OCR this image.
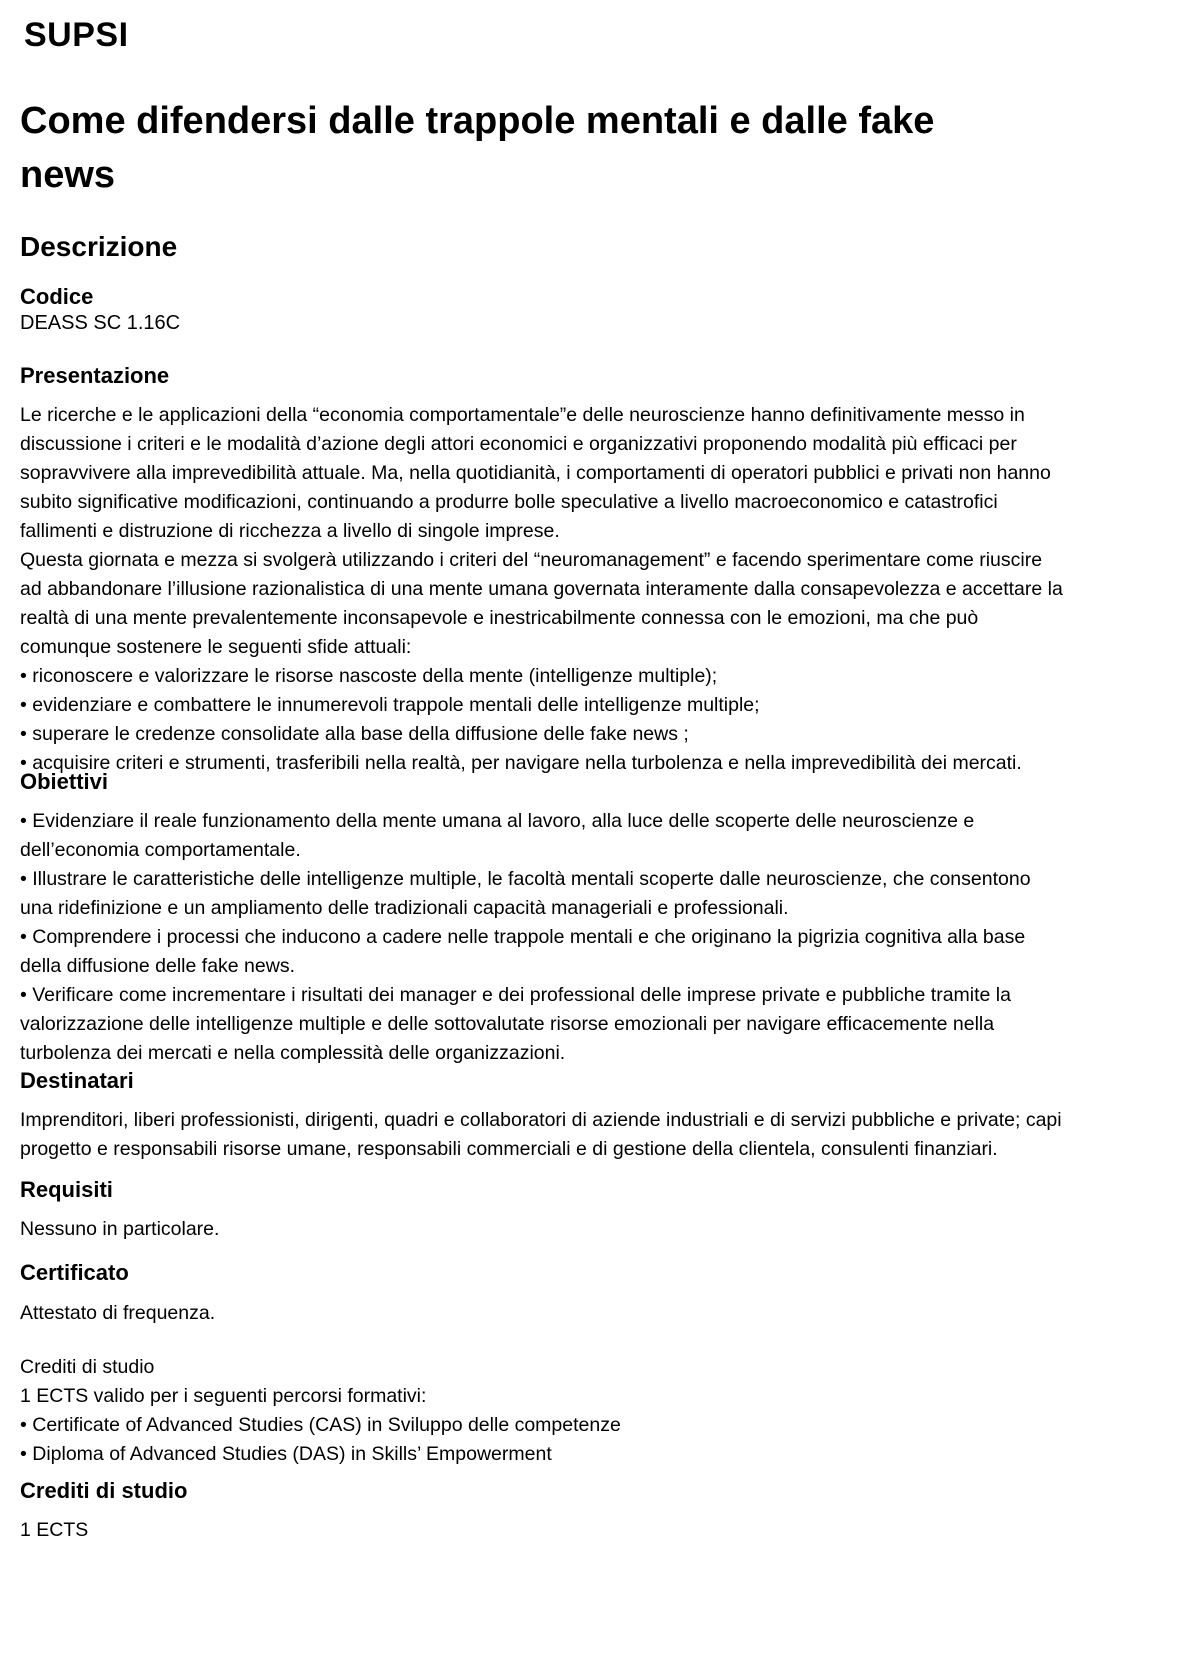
SUPSI
Come difendersi dalle trappole mentali e dalle fake
news
Descrizione
Codice
DEASS SC 1.16C
Presentazione
Le ricerche e le applicazioni della “economia comportamentale”e delle neuroscienze hanno definitivamente messo in
discussione i criteri e le modalità d’azione degli attori economici e organizzativi proponendo modalità più efficaci per
sopravvivere alla imprevedibilità attuale. Ma, nella quotidianità, i comportamenti di operatori pubblici e privati non hanno
subito significative modificazioni, continuando a produrre bolle speculative a livello macroeconomico e catastrofici
fallimenti e distruzione di ricchezza a livello di singole imprese.
Questa giornata e mezza si svolgerà utilizzando i criteri del “neuromanagement” e facendo sperimentare come riuscire
ad abbandonare l’illusione razionalistica di una mente umana governata interamente dalla consapevolezza e accettare la
realtà di una mente prevalentemente inconsapevole e inestricabilmente connessa con le emozioni, ma che può
comunque sostenere le seguenti sfide attuali:
• riconoscere e valorizzare le risorse nascoste della mente (intelligenze multiple);
• evidenziare e combattere le innumerevoli trappole mentali delle intelligenze multiple;
• superare le credenze consolidate alla base della diffusione delle fake news ;
• acquisire criteri e strumenti, trasferibili nella realtà, per navigare nella turbolenza e nella imprevedibilità dei mercati.
Obiettivi
• Evidenziare il reale funzionamento della mente umana al lavoro, alla luce delle scoperte delle neuroscienze e
dell’economia comportamentale.
• Illustrare le caratteristiche delle intelligenze multiple, le facoltà mentali scoperte dalle neuroscienze, che consentono
una ridefinizione e un ampliamento delle tradizionali capacità manageriali e professionali.
• Comprendere i processi che inducono a cadere nelle trappole mentali e che originano la pigrizia cognitiva alla base
della diffusione delle fake news.
• Verificare come incrementare i risultati dei manager e dei professional delle imprese private e pubbliche tramite la
valorizzazione delle intelligenze multiple e delle sottovalutate risorse emozionali per navigare efficacemente nella
turbolenza dei mercati e nella complessità delle organizzazioni.
Destinatari
Imprenditori, liberi professionisti, dirigenti, quadri e collaboratori di aziende industriali e di servizi pubbliche e private; capi
progetto e responsabili risorse umane, responsabili commerciali e di gestione della clientela, consulenti finanziari.
Requisiti
Nessuno in particolare.
Certificato
Attestato di frequenza.
Crediti di studio
1 ECTS valido per i seguenti percorsi formativi:
• Certificate of Advanced Studies (CAS) in Sviluppo delle competenze
• Diploma of Advanced Studies (DAS) in Skills’ Empowerment
Crediti di studio
1 ECTS
